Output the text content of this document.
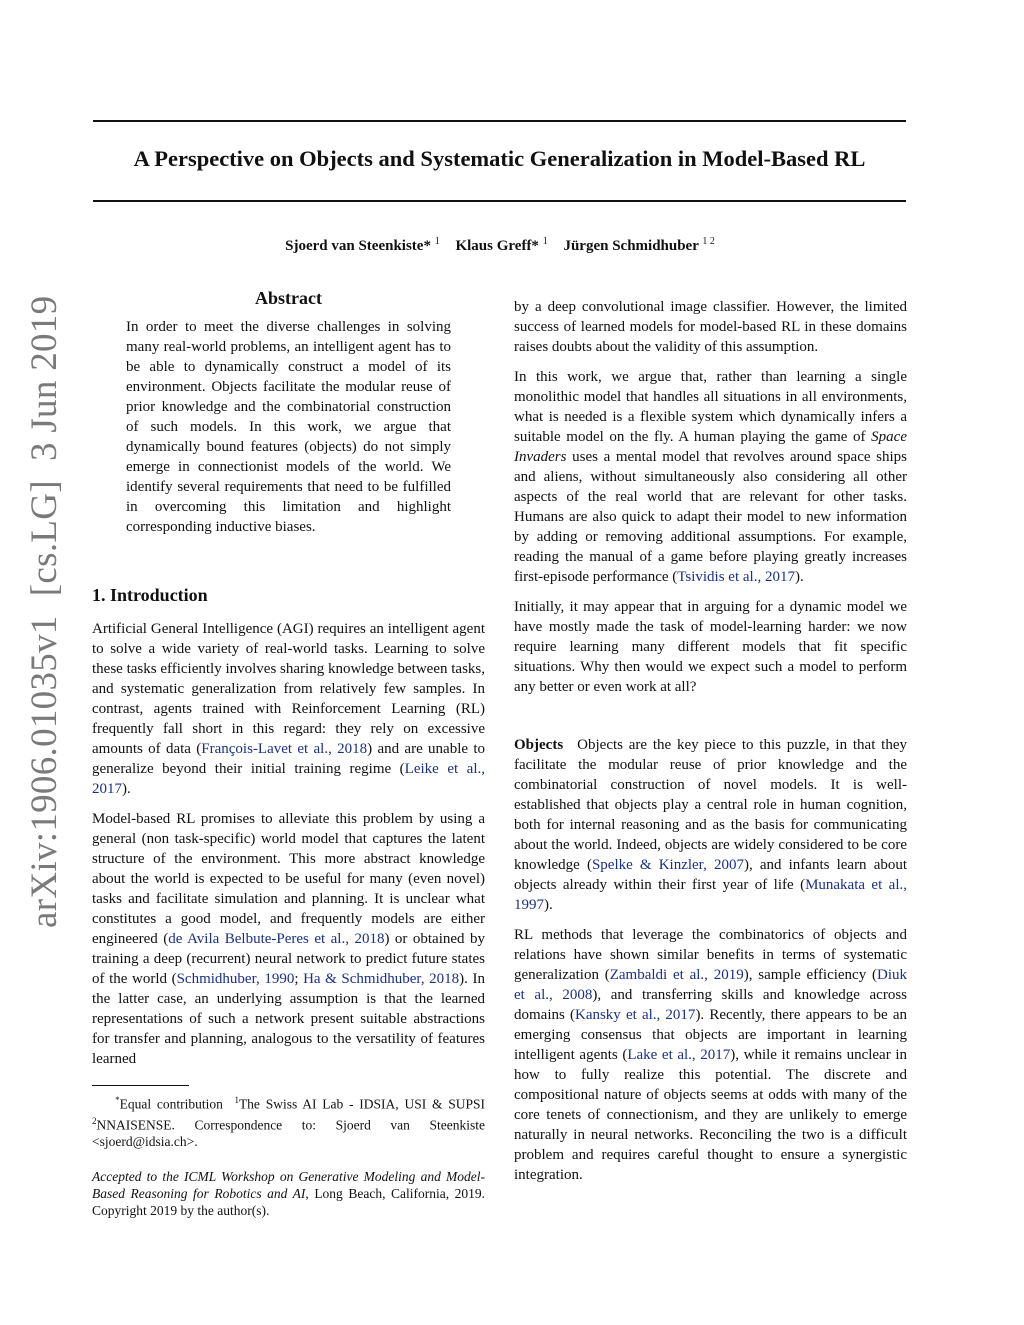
A Perspective on Objects and Systematic Generalization in Model-Based RL
Sjoerd van Steenkiste* $^1$ Klaus Greff* $^1$ Jürgen Schmidhuber $^{1 2}$
arXiv:1906.01035v1  [cs.LG]  3 Jun 2019	Abstract
In order to meet the diverse challenges in solving many real-world problems, an intelligent agent has to be able to dynamically construct a model of its environment. Objects facilitate the modular reuse of prior knowledge and the combinatorial construction of such models. In this work, we argue that dynamically bound features (objects) do not simply emerge in connectionist models of the world. We identify several requirements that need to be fulfilled in overcoming this limitation and highlight corresponding inductive biases.
1. Introduction

Artificial General Intelligence (AGI) requires an intelligent agent to solve a wide variety of real-world tasks. Learning to solve these tasks efficiently involves sharing knowledge between tasks, and systematic generalization from relatively few samples. In contrast, agents trained with Reinforcement Learning (RL) frequently fall short in this regard: they rely on excessive amounts of data (François-Lavet et al., 2018) and are unable to generalize beyond their initial training regime (Leike et al., 2017).

Model-based RL promises to alleviate this problem by using a general (non task-specific) world model that captures the latent structure of the environment. This more abstract knowledge about the world is expected to be useful for many (even novel) tasks and facilitate simulation and planning. It is unclear what constitutes a good model, and frequently models are either engineered (de Avila Belbute-Peres et al., 2018) or obtained by training a deep (recurrent) neural network to predict future states of the world (Schmidhuber, 1990; Ha & Schmidhuber, 2018). In the latter case, an underlying assumption is that the learned representations of such a network present suitable abstractions for transfer and planning, analogous to the versatility of features learned

*Equal contribution $^1$The Swiss AI Lab - IDSIA, USI & SUPSI $^2$NNAISENSE. Correspondence to: Sjoerd van Steenkiste <sjoerd@idsia.ch>.
Accepted to the ICML Workshop on Generative Modeling and Model-Based Reasoning for Robotics and AI, Long Beach, California, 2019. Copyright 2019 by the author(s).

by a deep convolutional image classifier. However, the limited success of learned models for model-based RL in these domains raises doubts about the validity of this assumption.

In this work, we argue that, rather than learning a single monolithic model that handles all situations in all environments, what is needed is a flexible system which dynamically infers a suitable model on the fly. A human playing the game of Space Invaders uses a mental model that revolves around space ships and aliens, without simultaneously also considering all other aspects of the real world that are relevant for other tasks. Humans are also quick to adapt their model to new information by adding or removing additional assumptions. For example, reading the manual of a game before playing greatly increases first-episode performance (Tsividis et al., 2017).

Initially, it may appear that in arguing for a dynamic model we have mostly made the task of model-learning harder: we now require learning many different models that fit specific situations. Why then would we expect such a model to perform any better or even work at all?

Objects Objects are the key piece to this puzzle, in that they facilitate the modular reuse of prior knowledge and the combinatorial construction of novel models. It is well-established that objects play a central role in human cognition, both for internal reasoning and as the basis for communicating about the world. Indeed, objects are widely considered to be core knowledge (Spelke & Kinzler, 2007), and infants learn about objects already within their first year of life (Munakata et al., 1997).

RL methods that leverage the combinatorics of objects and relations have shown similar benefits in terms of systematic generalization (Zambaldi et al., 2019), sample efficiency (Diuk et al., 2008), and transferring skills and knowledge across domains (Kansky et al., 2017). Recently, there appears to be an emerging consensus that objects are important in learning intelligent agents (Lake et al., 2017), while it remains unclear in how to fully realize this potential. The discrete and compositional nature of objects seems at odds with many of the core tenets of connectionism, and they are unlikely to emerge naturally in neural networks. Reconciling the two is a difficult problem and requires careful thought to ensure a synergistic integration.
